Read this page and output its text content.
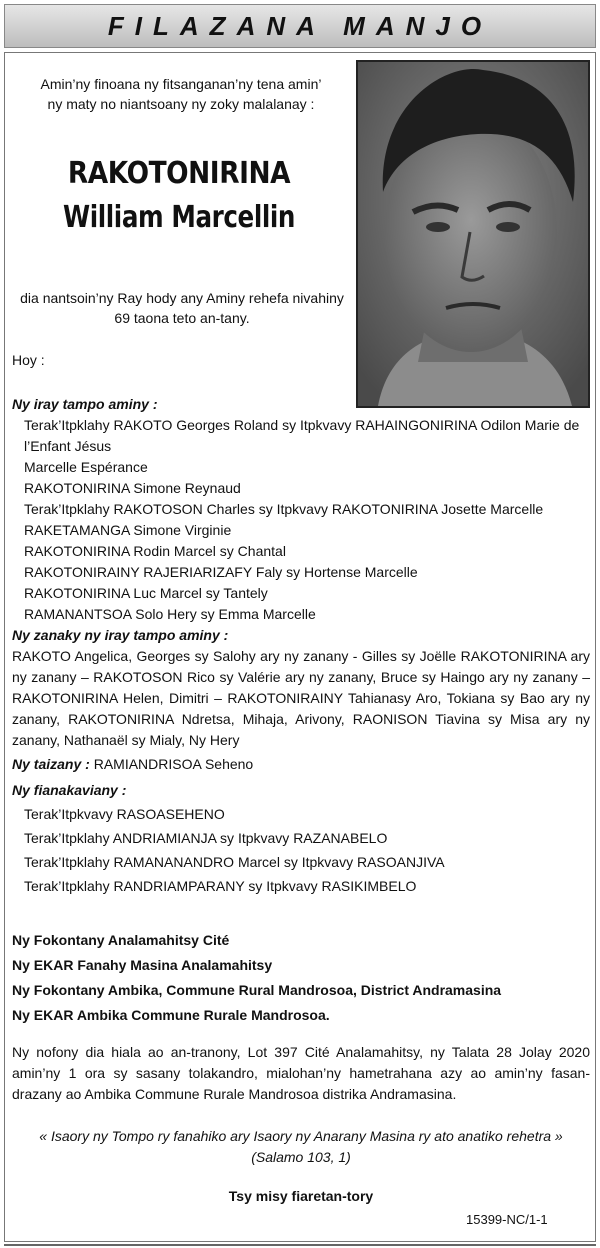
FILAZANA MANJO
Amin’ny finoana ny fitsanganan’ny tena amin’
ny maty no niantsoany ny zoky malalanay :
RAKOTONIRINA
William Marcellin
dia nantsoin’ny Ray hody any Aminy rehefa nivahiny
69 taona teto an-tany.
Hoy :
Ny iray tampo aminy :
Terak’Itpklahy RAKOTO Georges Roland sy Itpkvavy RAHAINGONIRINA Odilon Marie de
l’Enfant Jésus
Marcelle Espérance
RAKOTONIRINA Simone Reynaud
Terak’Itpklahy RAKOTOSON Charles sy Itpkvavy RAKOTONIRINA Josette Marcelle
RAKETAMANGA Simone Virginie
RAKOTONIRINA Rodin Marcel sy Chantal
RAKOTONIRAINY RAJERIARIZAFY Faly sy Hortense Marcelle
RAKOTONIRINA Luc Marcel sy Tantely
RAMANANTSOA Solo Hery sy Emma Marcelle
Ny zanaky ny iray tampo aminy :
RAKOTO Angelica, Georges sy Salohy ary ny zanany - Gilles sy Joëlle RAKOTONIRINA ary ny zanany – RAKOTOSON Rico sy Valérie ary ny zanany, Bruce sy Haingo ary ny zanany – RAKOTONIRINA Helen, Dimitri – RAKOTONIRAINY Tahianasy Aro, Tokiana sy Bao ary ny zanany, RAKOTONIRINA Ndretsa, Mihaja, Arivony, RAONISON Tiavina sy Misa ary ny zanany, Nathanaël sy Mialy, Ny Hery
Ny taizany : RAMIANDRISOA Seheno
Ny fianakaviany :
Terak’Itpkvavy RASOASEHENO
Terak’Itpklahy ANDRIAMIANJA sy Itpkvavy RAZANABELO
Terak’Itpklahy RAMANANANDRO Marcel sy Itpkvavy RASOANJIVA
Terak’Itpklahy RANDRIAMPARANY sy Itpkvavy RASIKIMBELO
Ny Fokontany Analamahitsy Cité
Ny EKAR Fanahy Masina Analamahitsy
Ny Fokontany Ambika, Commune Rural Mandrosoa, District Andramasina
Ny EKAR Ambika Commune Rurale Mandrosoa.
Ny nofony dia hiala ao an-tranony, Lot 397 Cité Analamahitsy, ny Talata 28 Jolay 2020 amin’ny 1 ora sy sasany tolakandro, mialohan’ny hametrahana azy ao amin’ny fasan-drazany ao Ambika Commune Rurale Mandrosoa distrika Andramasina.
« Isaory ny Tompo ry fanahiko ary Isaory ny Anarany Masina ry ato anatiko rehetra »
(Salamo 103, 1)
Tsy misy fiaretan-tory
15399-NC/1-1
